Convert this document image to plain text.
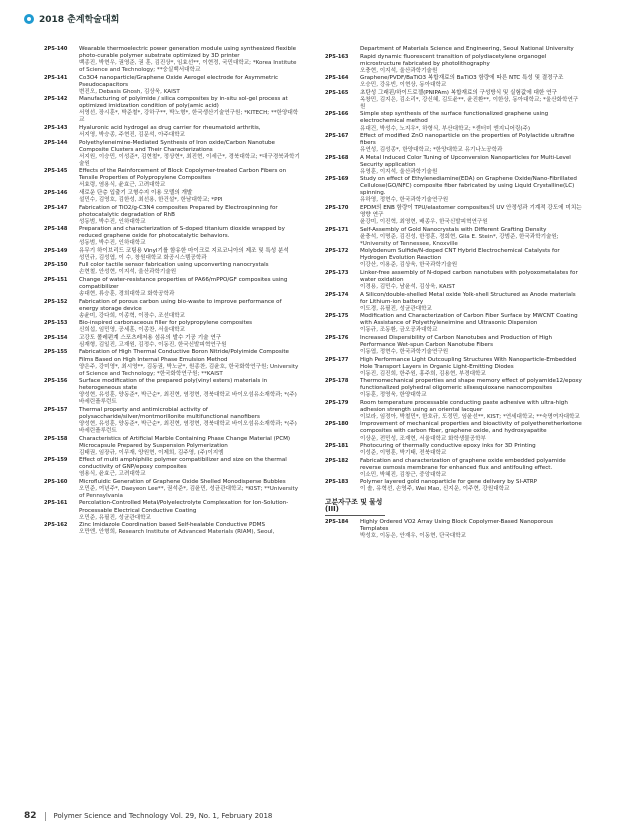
2018 춘계학술대회
2PS-140	Wearable thermoelectric power generation module using synthesized flexible photo-curable polymer substrate optimized by 3D printer
백종진, 박현우, 권영준, 권 훈, 김진상*, 임효선**, 이현정, 국민대학교; *Korea Institute of Science and Technology; **숭실백서대학교
2PS-141	Co3O4 nanoparticle/Graphene Oxide Aerogel electrode for Asymmetric Pseudocapacitors
변진오, Debasis Ghosh, 김상욱, KAIST
2PS-142	Manufacturing of polyimide / silica composites by in-situ sol-gel process at optimized imidization condition of poly(amic acid)
서영선, 장시훈*, 박준철*, 강하구**, 박노형*, 한국생산기술연구원; *KITECH; **한양대학교
2PS-143	Hyaluronic acid hydrogel as drug carrier for rheumatoid arthritis,
서지영, 박승종, 주현진, 김문석, 아주대학교
2PS-144	Polyethyleneimine-Mediated Synthesis of Iron oxide/Carbon Nanotube Composite Clusters and Their Characterizations
서지원, 이승민, 이성준*, 김현철*, 정상현*, 최진현, 이세근*, 경북대학교; *대구경북과학기술원
2PS-145	Effects of the Reinforcement of Block Copolymer-treated Carbon Fibers on Tensile Properties of Polypropylene Composites
서효령, 염용식, 윤효근, 고려대학교
2PS-146	새로운 단층 입출기 고형수지 이용 모델의 개발
설민수, 김영호, 김한성, 최선용, 한건설*, 한남대학교; *PPI
2PS-147	Fabrication of TiO2/g-C3N4 composites Prepared by Electrospinning for photocatalytic degradation of RhB
성동범, 박수진, 인하대학교
2PS-148	Preparation and characterization of S-doped titanium dioxide wrapped by reduced graphene oxide for photocatalytic behaviors.
성동범, 박수진, 인하대학교
2PS-149	유무기 하이브리드 코팅용 Vinyl기를 함유한 마이크로 지르코니아의 제조 및 특성 분석
성민규, 김성엽, 이 수, 창원대학교 화공시스템공학과
2PS-150	Full color tactile sensor fabrication using upconverting nanocrystals
손현철, 안성현, 이지석, 울산과학기술원
2PS-151	Change of water-resistance properties of PA66/mPPO/GF composites using compatibilizer
송대현, 류승훈, 경희대학교 화학공학과
2PS-152	Fabrication of porous carbon using bio-waste to improve performance of energy storage device
송윤미, 강다희, 이종혁, 이장수, 조선대학교
2PS-153	Bio-inspired carbonaceous filler for polypropylene composites
신희섭, 임민영, 공세훈, 이종찬, 서울대학교
2PS-154	고강도 폴레펀계 스포츠레저용 섬유의 발수 기공 기술 연구
심재형, 김일진, 고재원, 김정수, 이동진, 한국신발피혁연구원
2PS-155	Fabrication of High Thermal Conductive Boron Nitride/Polyimide Composite Films Based on High Internal Phase Emulsion Method
양은주, 강미영*, 최시영**, 김동권, 박노균*, 원종찬, 김윤호, 한국화학연구원; University of Science and Technology; *한국화학연구원; **KAIST
2PS-156	Surface modification of the prepared poly(vinyl esters) materials in heterogeneous state
양성현, 유성훈, 양동준*, 박근순*, 최진현, 염정현, 경북대학교 바이오섬유소재학과; *(주)바세린플루런트
2PS-157	Thermal property and antimicrobial activity of polysaccharide/silver/montmorillonite multifunctional nanofibers
양성현, 유성훈, 양동준*, 박근순*, 최진현, 염정현, 경북대학교 바이오섬유소재학과; *(주)바세린플루런트
2PS-158	Characteristics of Artificial Marble Containing Phase Change Material (PCM) Microcapsule Prepared by Suspension Polymerization
김태권, 임장규, 이무재, 양원현, 이제희, 김주영, (주)이지엠
2PS-159	Effect of multi amphiphilic polymer compatibilizer and size on the thermal conductivity of GNP/epoxy composites
염용식, 윤효근, 고려대학교
2PS-160	Microfluidic Generation of Graphene Oxide Shelled Monodisperse Bubbles
오민준, 여년주*, Daeyeon Lee**, 권석준*, 김윤민, 성균관대학교; *KIST; **University of Pennsylvania
2PS-161	Percolation-Controlled Metal/Polyelectrolyte Complexation for Ion-Solution-Processable Electrical Conductive Coating
오민준, 유필진, 성균관대학교
2PS-162	Zinc Imidazole Coordination based Self-healable Conductive PDMS
오만엔, 안형희, Research Institute of Advanced Materials (RIAM), Seoul,
Department of Materials Science and Engineering, Seoul National University
2PS-163	Rapid dynamic fluorescent transition of polydiacetylene organogel microstructure fabricated by photolithography
오충현, 이지석, 울산과학기술원
2PS-164	Graphene/PVDF/BaTiO3 복합재료의 BaTiO3 함량에 따른 NTC 특성 및 결정구조
오승민, 강유빈, 이현상, 동아대학교
2PS-165	초탄성 그래핀/하이드로젤(PNIPAm) 복합재료의 구성방식 및 실험값에 대한 연구
옥창민, 김지은, 김소리*, 강신혜, 김도윤**, 윤진환**, 이한상, 동아대학교; *울산화학연구원
2PS-166	Simple step synthesis of the surface functionalized graphene using electrochemical method
유대건, 박성수, 노지우*, 하형식, 부산대학교; *센터미 엔지니어링(주)
2PS-167	Effect of modified ZnO nanoparticle on the properties of Polylactide ultrafine fibers
유연성, 김성종*, 한양대학교; *한양대학교 유기나노공학과
2PS-168	A Metal Induced Color Tuning of Upconversion Nanoparticles for Multi-Level Security application
유영훈, 이지석, 울산과학기술원
2PS-169	Study on effect of Ethylenediamine(EDA) on Graphene Oxide/Nano-Fibrillated Cellulose(GO/NFC) composite fiber fabricated by using Liquid Crystalline(LC) spinning.
유하영, 정현수, 한국과학기술연구원
2PS-170	EPDM의 ENB 함량이 TPU/elastomer composites의 UV 안정성과 기계적 강도에 미치는 영향 연구
윤강미, 이진혁, 최영현, 배종우, 한국신발피혁연구원
2PS-171	Self-Assembly of Gold Nanocrystals with Different Grafting Density
윤충석, 이명준, 김진성, 한정훈, 정회현, Gila E. Stein*, 강범준, 한국과학기술원; *University of Tennessee, Knoxville
2PS-172	Molybdenum Sulfide/N-doped CNT Hybrid Electrochemical Catalysts for Hydrogen Evolution Reaction
이강산, 이용준, 김상욱, 한국과학기술원
2PS-173	Linker-free assembly of N-doped carbon nanotubes with polyoxometalates for water oxidation
이경용, 김민수, 남윤석, 김상욱, KAIST
2PS-174	A Silicon/double-shelled Metal oxide Yolk-shell Structured as Anode materials for Lithium-ion battery
이도경, 유필진, 성균관대학교
2PS-175	Modification and Characterization of Carbon Fiber Surface by MWCNT Coating with Assistance of Polyethyleneimine and Ultrasonic Dispersion
이동규, 조동환, 금오공과대학교
2PS-176	Increased Dispersibility of Carbon Nanotubes and Production of High Performance Wet-spun Carbon Nanotube Fibers
이동엽, 정현수, 한국과학기술연구원
2PS-177	High Performance Light Outcoupling Structures With Nanoparticle-Embedded Hole Transport Layers in Organic Light-Emitting Diodes
이동진, 김진희, 한주원, 홍주희, 김용현, 부경대학교
2PS-178	Thermomechanical properties and shape memory effect of polyamide12/epoxy functionalized polyhedral oligomeric silsesquioxane nanocomposites
이동훈, 정영욱, 한양대학교
2PS-179	Room temperature processable conducting paste adhesive with ultra-high adhesion strength using an oriental lacquer
이보라, 임정아, 박철민*, 한호규, 도정민, 임윤선**, KIST; *연세대학교; **숙명여자대학교
2PS-180	Improvement of mechanical properties and bioactivity of polyetheretherketone composites with carbon fiber, graphene oxide, and hydroxyapatite
이상운, 전민성, 조재현, 서울대학교 화학생물공학부
2PS-181	Photocuring of thermally conductive epoxy inks for 3D Printing
이성준, 이명훈, 박기태, 전북대학교
2PS-182	Fabrication and characterization of graphene oxide embedded polyamide reverse osmosis membrane for enhanced flux and antifouling effect.
이소민, 박혜진, 김창근, 중앙대학교
2PS-183	Polymer layered gold nanoparticle for gene delivery by SI-ATRP
이 솔, 유혁선, 손영주, Wei Mao, 신지운, 이주현, 강원대학교
고분자구조 및 물성(III)
2PS-184	Highly Ordered VO2 Array Using Block Copolymer-Based Nanoporous Templates
박성호, 이동은, 안재우, 이동현, 단국대학교
82 Polymer Science and Technology Vol. 29, No. 1, February 2018
